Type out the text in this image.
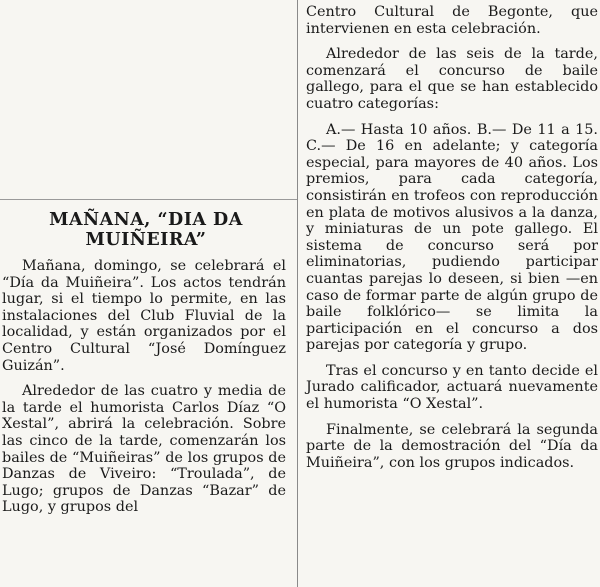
MAÑANA, “DIA DA
MUIÑEIRA”

Mañana, domingo, se celebrará el “Día da Muiñeira”. Los actos tendrán lugar, si el tiempo lo permite, en las instalaciones del Club Fluvial de la localidad, y están organizados por el Centro Cultural “José Domínguez Guizán”.

Alrededor de las cuatro y media de la tarde el humorista Carlos Díaz “O Xestal”, abrirá la celebración. Sobre las cinco de la tarde, comenzarán los bailes de “Muiñeiras” de los grupos de Danzas de Viveiro: “Troulada”, de Lugo; grupos de Danzas “Bazar” de Lugo, y grupos del

Centro Cultural de Begonte, que intervienen en esta celebración.

Alrededor de las seis de la tarde, comenzará el concurso de baile gallego, para el que se han establecido cuatro categorías:

A.— Hasta 10 años. B.— De 11 a 15. C.— De 16 en adelante; y categoría especial, para mayores de 40 años. Los premios, para cada categoría, consistirán en trofeos con reproducción en plata de motivos alusivos a la danza, y miniaturas de un pote gallego. El sistema de concurso será por eliminatorias, pudiendo participar cuantas parejas lo deseen, si bien —en caso de formar parte de algún grupo de baile folklórico— se limita la participación en el concurso a dos parejas por categoría y grupo.

Tras el concurso y en tanto decide el Jurado calificador, actuará nuevamente el humorista “O Xestal”.

Finalmente, se celebrará la segunda parte de la demostración del “Día da Muiñeira”, con los grupos indicados.
